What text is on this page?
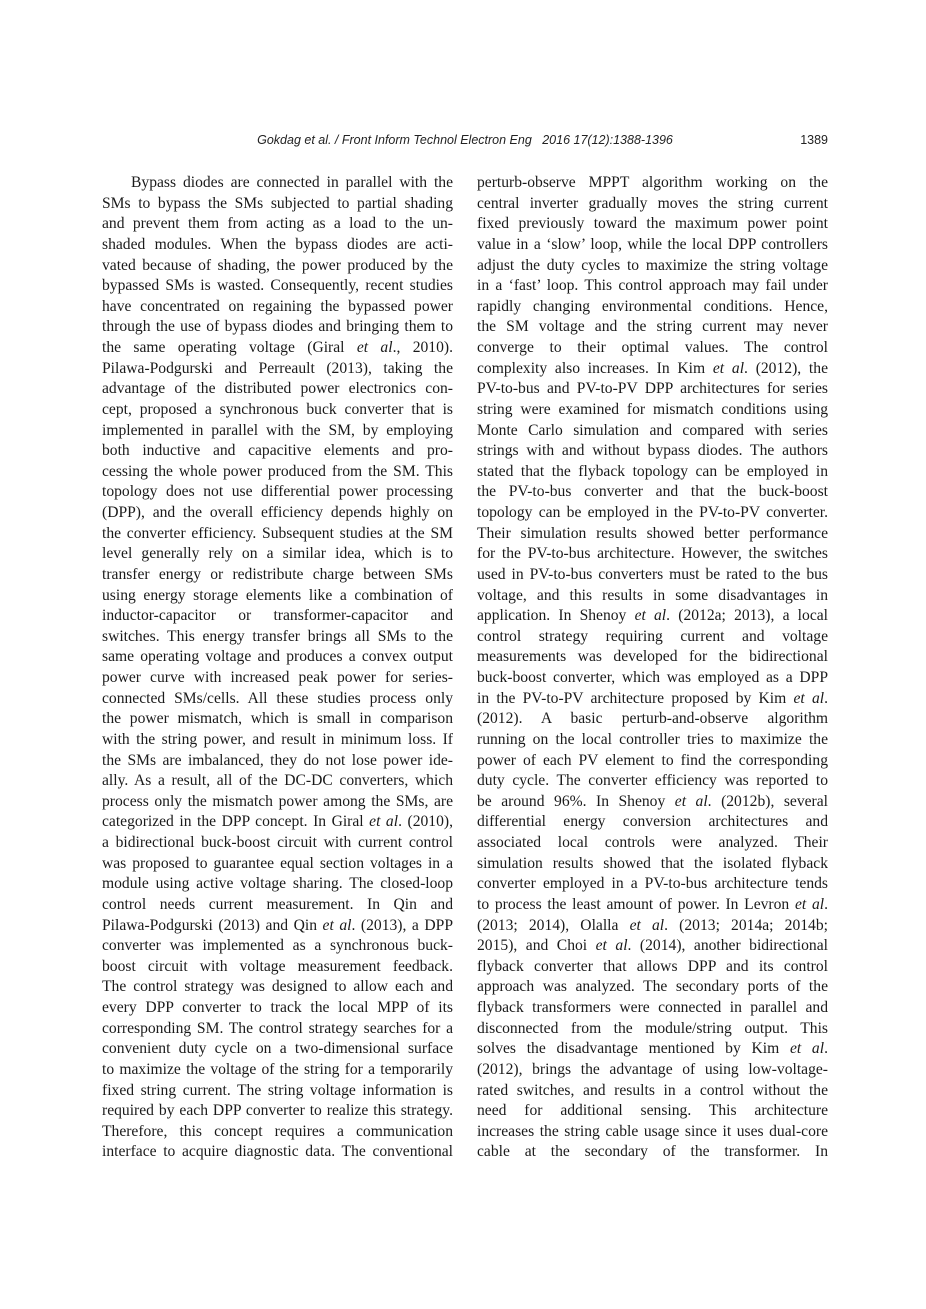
Gokdag et al. / Front Inform Technol Electron Eng   2016 17(12):1388-1396	1389
Bypass diodes are connected in parallel with the
SMs to bypass the SMs subjected to partial shading
and prevent them from acting as a load to the un-
shaded modules. When the bypass diodes are acti-
vated because of shading, the power produced by the
bypassed SMs is wasted. Consequently, recent studies
have concentrated on regaining the bypassed power
through the use of bypass diodes and bringing them to
the same operating voltage (Giral et al., 2010).
Pilawa-Podgurski and Perreault (2013), taking the
advantage of the distributed power electronics con-
cept, proposed a synchronous buck converter that is
implemented in parallel with the SM, by employing
both inductive and capacitive elements and pro-
cessing the whole power produced from the SM. This
topology does not use differential power processing
(DPP), and the overall efficiency depends highly on
the converter efficiency. Subsequent studies at the SM
level generally rely on a similar idea, which is to
transfer energy or redistribute charge between SMs
using energy storage elements like a combination of
inductor-capacitor or transformer-capacitor and
switches. This energy transfer brings all SMs to the
same operating voltage and produces a convex output
power curve with increased peak power for series-
connected SMs/cells. All these studies process only
the power mismatch, which is small in comparison
with the string power, and result in minimum loss. If
the SMs are imbalanced, they do not lose power ide-
ally. As a result, all of the DC-DC converters, which
process only the mismatch power among the SMs, are
categorized in the DPP concept. In Giral et al. (2010),
a bidirectional buck-boost circuit with current control
was proposed to guarantee equal section voltages in a
module using active voltage sharing. The closed-loop
control needs current measurement. In Qin and
Pilawa-Podgurski (2013) and Qin et al. (2013), a DPP
converter was implemented as a synchronous buck-
boost circuit with voltage measurement feedback.
The control strategy was designed to allow each and
every DPP converter to track the local MPP of its
corresponding SM. The control strategy searches for a
convenient duty cycle on a two-dimensional surface
to maximize the voltage of the string for a temporarily
fixed string current. The string voltage information is
required by each DPP converter to realize this strategy.
Therefore, this concept requires a communication
interface to acquire diagnostic data. The conventional
perturb-observe MPPT algorithm working on the
central inverter gradually moves the string current
fixed previously toward the maximum power point
value in a ‘slow’ loop, while the local DPP controllers
adjust the duty cycles to maximize the string voltage
in a ‘fast’ loop. This control approach may fail under
rapidly changing environmental conditions. Hence,
the SM voltage and the string current may never
converge to their optimal values. The control
complexity also increases. In Kim et al. (2012), the
PV-to-bus and PV-to-PV DPP architectures for series
string were examined for mismatch conditions using
Monte Carlo simulation and compared with series
strings with and without bypass diodes. The authors
stated that the flyback topology can be employed in
the PV-to-bus converter and that the buck-boost
topology can be employed in the PV-to-PV converter.
Their simulation results showed better performance
for the PV-to-bus architecture. However, the switches
used in PV-to-bus converters must be rated to the bus
voltage, and this results in some disadvantages in
application. In Shenoy et al. (2012a; 2013), a local
control strategy requiring current and voltage
measurements was developed for the bidirectional
buck-boost converter, which was employed as a DPP
in the PV-to-PV architecture proposed by Kim et al.
(2012). A basic perturb-and-observe algorithm
running on the local controller tries to maximize the
power of each PV element to find the corresponding
duty cycle. The converter efficiency was reported to
be around 96%. In Shenoy et al. (2012b), several
differential energy conversion architectures and
associated local controls were analyzed. Their
simulation results showed that the isolated flyback
converter employed in a PV-to-bus architecture tends
to process the least amount of power. In Levron et al.
(2013; 2014), Olalla et al. (2013; 2014a; 2014b;
2015), and Choi et al. (2014), another bidirectional
flyback converter that allows DPP and its control
approach was analyzed. The secondary ports of the
flyback transformers were connected in parallel and
disconnected from the module/string output. This
solves the disadvantage mentioned by Kim et al.
(2012), brings the advantage of using low-voltage-
rated switches, and results in a control without the
need for additional sensing. This architecture
increases the string cable usage since it uses dual-core
cable at the secondary of the transformer. In
